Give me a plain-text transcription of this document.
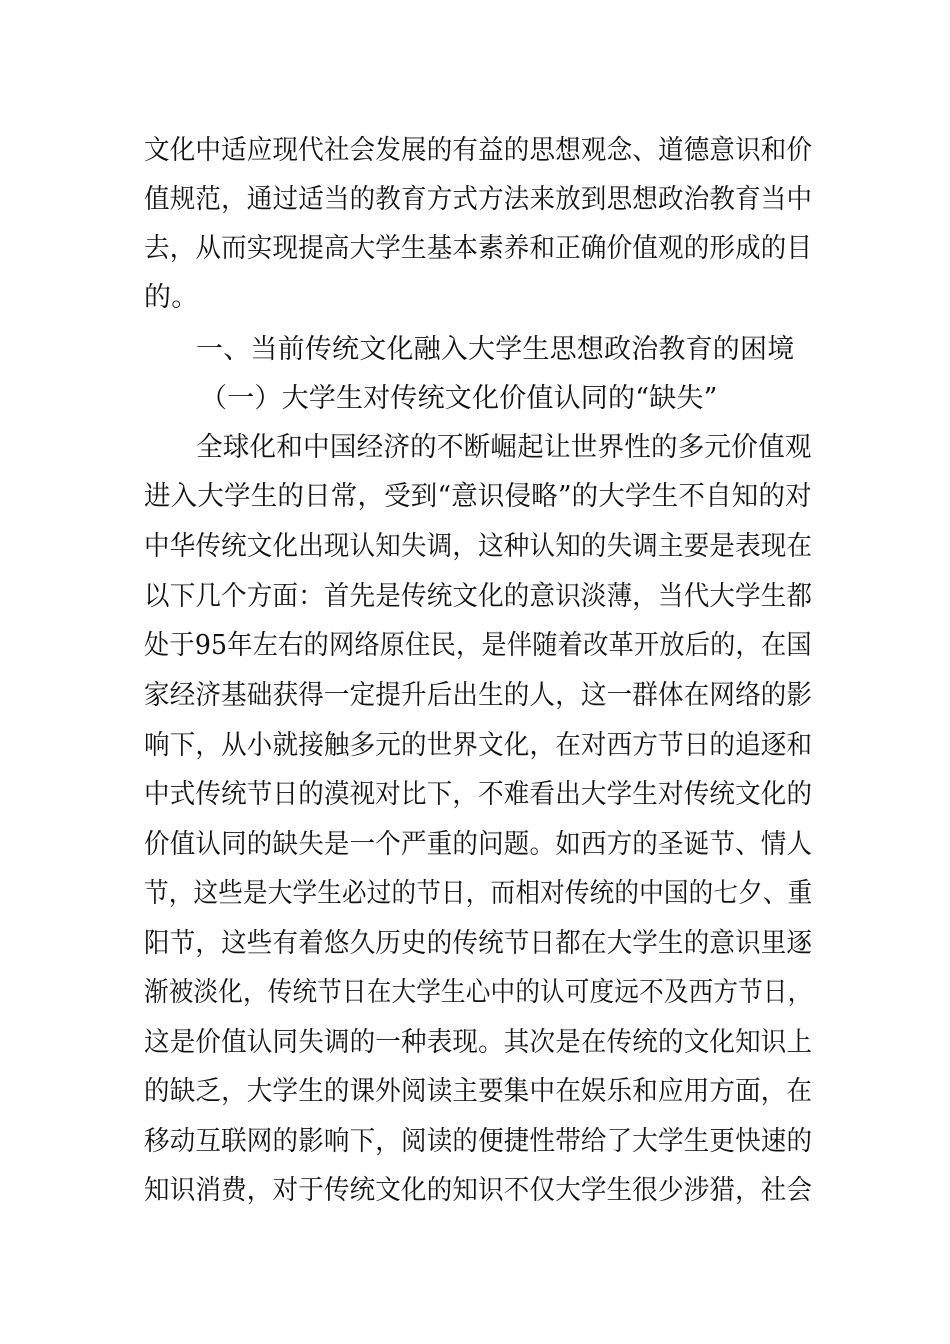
文化中适应现代社会发展的有益的思想观念、道德意识和价
值规范，通过适当的教育方式方法来放到思想政治教育当中
去，从而实现提高大学生基本素养和正确价值观的形成的目
的。
一、当前传统文化融入大学生思想政治教育的困境
（一）大学生对传统文化价值认同的“缺失”
全球化和中国经济的不断崛起让世界性的多元价值观
进入大学生的日常，受到“意识侵略”的大学生不自知的对
中华传统文化出现认知失调，这种认知的失调主要是表现在
以下几个方面：首先是传统文化的意识淡薄，当代大学生都
处于95年左右的网络原住民，是伴随着改革开放后的，在国
家经济基础获得一定提升后出生的人，这一群体在网络的影
响下，从小就接触多元的世界文化，在对西方节日的追逐和
中式传统节日的漠视对比下，不难看出大学生对传统文化的
价值认同的缺失是一个严重的问题。如西方的圣诞节、情人
节，这些是大学生必过的节日，而相对传统的中国的七夕、重
阳节，这些有着悠久历史的传统节日都在大学生的意识里逐
渐被淡化，传统节日在大学生心中的认可度远不及西方节日，
这是价值认同失调的一种表现。其次是在传统的文化知识上
的缺乏，大学生的课外阅读主要集中在娱乐和应用方面，在
移动互联网的影响下，阅读的便捷性带给了大学生更快速的
知识消费，对于传统文化的知识不仅大学生很少涉猎，社会
